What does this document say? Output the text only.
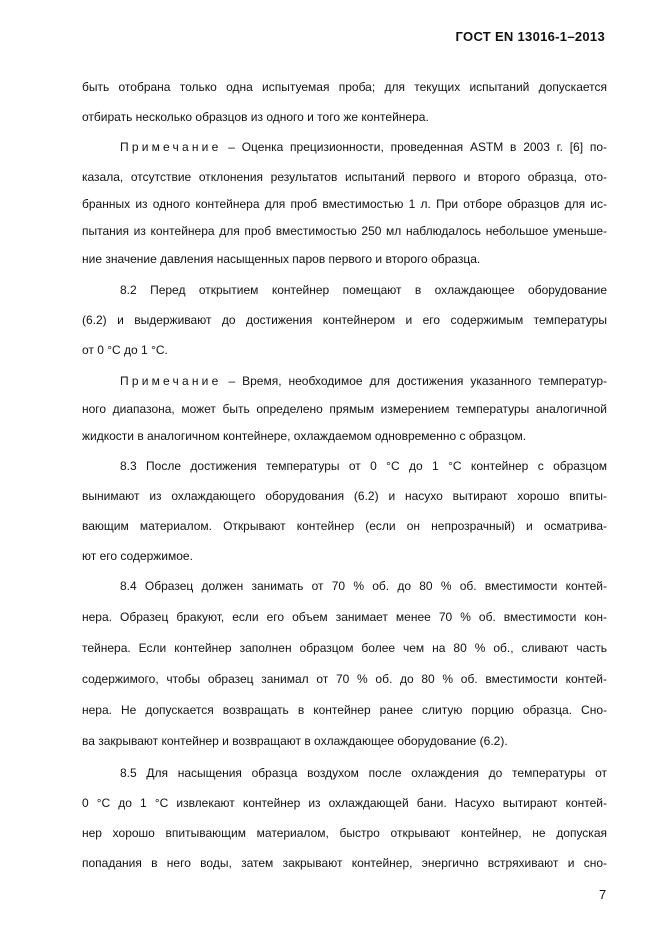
ГОСТ EN 13016-1–2013
быть отобрана только одна испытуемая проба; для текущих испытаний допускается
отбирать несколько образцов из одного и того же контейнера.
Примечание – Оценка прецизионности, проведенная ASTM в 2003 г. [6] по-
казала, отсутствие отклонения результатов испытаний первого и второго образца, ото-
бранных из одного контейнера для проб вместимостью 1 л. При отборе образцов для ис-
пытания из контейнера для проб вместимостью 250 мл наблюдалось небольшое уменьше-
ние значение давления насыщенных паров первого и второго образца.
8.2 Перед открытием контейнер помещают в охлаждающее оборудование
(6.2) и выдерживают до достижения контейнером и его содержимым температуры
от 0 °С до 1 °С.
Примечание – Время, необходимое для достижения указанного температур-
ного диапазона, может быть определено прямым измерением температуры аналогичной
жидкости в аналогичном контейнере, охлаждаемом одновременно с образцом.
8.3 После достижения температуры от 0 °С до 1 °С контейнер с образцом
вынимают из охлаждающего оборудования (6.2) и насухо вытирают хорошо впиты-
вающим материалом. Открывают контейнер (если он непрозрачный) и осматрива-
ют его содержимое.
8.4 Образец должен занимать от 70 % об. до 80 % об. вместимости контей-
нера. Образец бракуют, если его объем занимает менее 70 % об. вместимости кон-
тейнера. Если контейнер заполнен образцом более чем на 80 % об., сливают часть
содержимого, чтобы образец занимал от 70 % об. до 80 % об. вместимости контей-
нера. Не допускается возвращать в контейнер ранее слитую порцию образца. Сно-
ва закрывают контейнер и возвращают в охлаждающее оборудование (6.2).
8.5 Для насыщения образца воздухом после охлаждения до температуры от
0 °С до 1 °С извлекают контейнер из охлаждающей бани. Насухо вытирают контей-
нер хорошо впитывающим материалом, быстро открывают контейнер, не допуская
попадания в него воды, затем закрывают контейнер, энергично встряхивают и сно-
7
